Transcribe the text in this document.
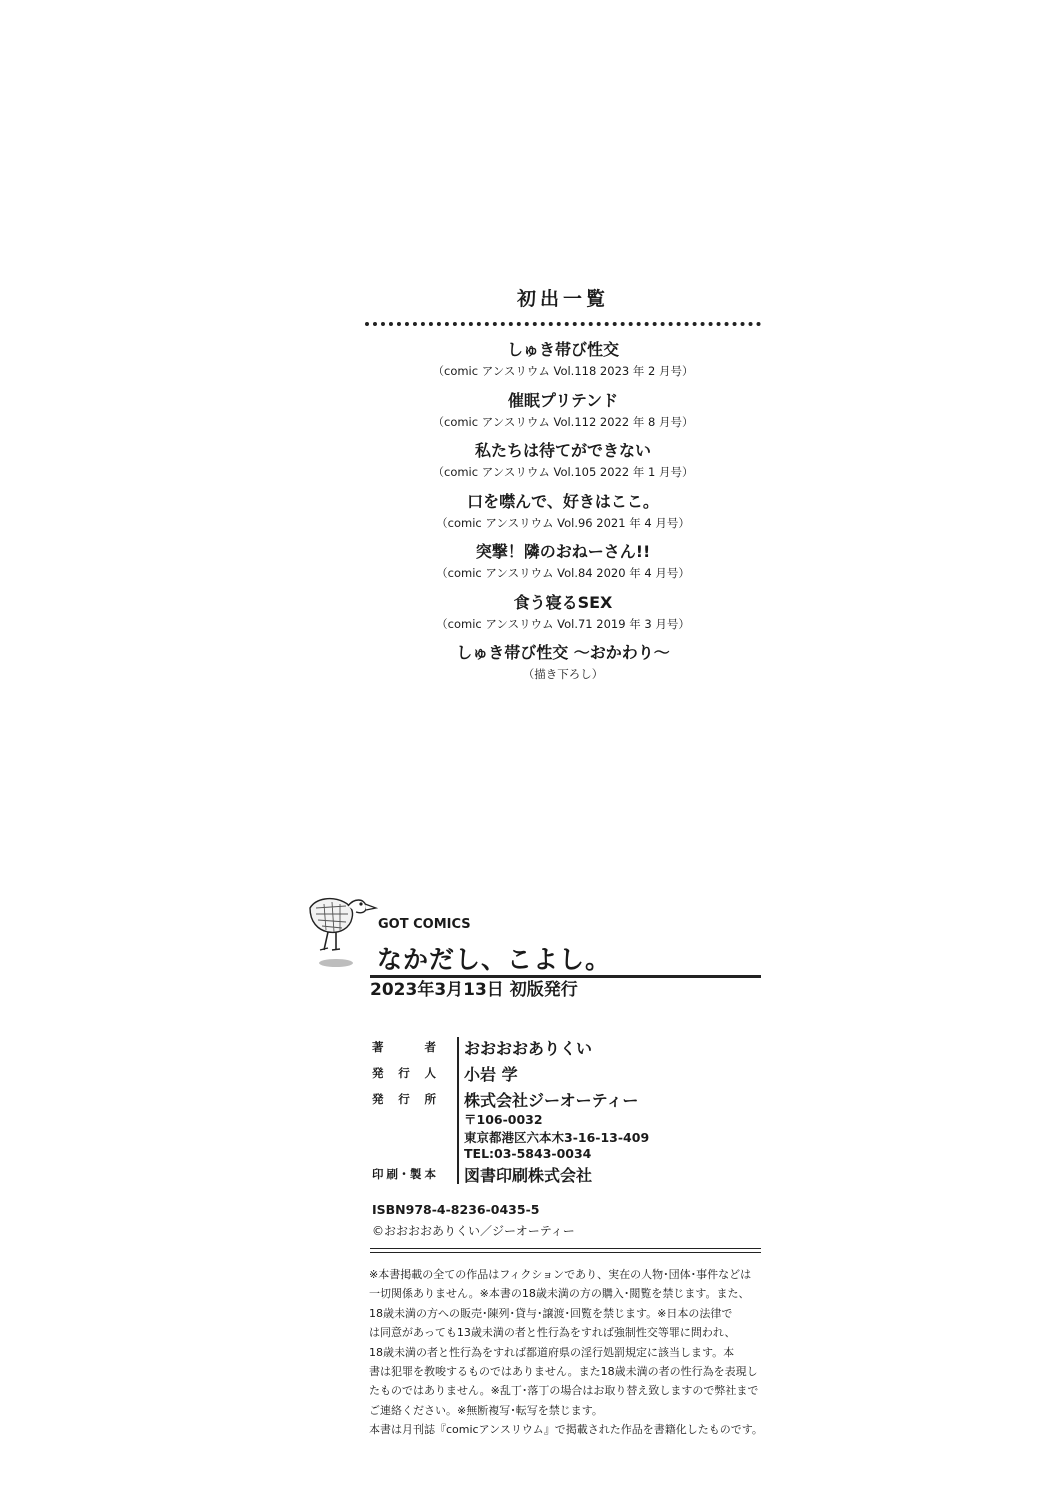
初出一覧
しゅき帯び性交
（comic アンスリウム Vol.118 2023 年 2 月号）
催眠プリテンド
（comic アンスリウム Vol.112 2022 年 8 月号）
私たちは待てができない
（comic アンスリウム Vol.105 2022 年 1 月号）
口を噤んで、好きはここ。
（comic アンスリウム Vol.96 2021 年 4 月号）
突撃！隣のおねーさん!!
（comic アンスリウム Vol.84 2020 年 4 月号）
食う寝るSEX
（comic アンスリウム Vol.71 2019 年 3 月号）
しゅき帯び性交 〜おかわり〜
（描き下ろし）
GOT COMICS
なかだし、こよし。
2023年3月13日 初版発行
著　　者 おおおおありくい
発 行 人 小岩 学
発 行 所 株式会社ジーオーティー
〒106-0032
東京都港区六本木3-16-13-409
TEL:03-5843-0034
印刷･製本 図書印刷株式会社
ISBN978-4-8236-0435-5
©おおおおありくい／ジーオーティー

※本書掲載の全ての作品はフィクションであり、実在の人物･団体･事件などは

一切関係ありません。※本書の18歳未満の方の購入･閲覧を禁じます。また、

18歳未満の方への販売･陳列･貸与･譲渡･回覧を禁じます。※日本の法律で

は同意があっても13歳未満の者と性行為をすれば強制性交等罪に問われ、

18歳未満の者と性行為をすれば都道府県の淫行処罰規定に該当します。本

書は犯罪を教唆するものではありません。また18歳未満の者の性行為を表現し

たものではありません。※乱丁･落丁の場合はお取り替え致しますので弊社まで

ご連絡ください。※無断複写･転写を禁じます。

本書は月刊誌『comicアンスリウム』で掲載された作品を書籍化したものです。
